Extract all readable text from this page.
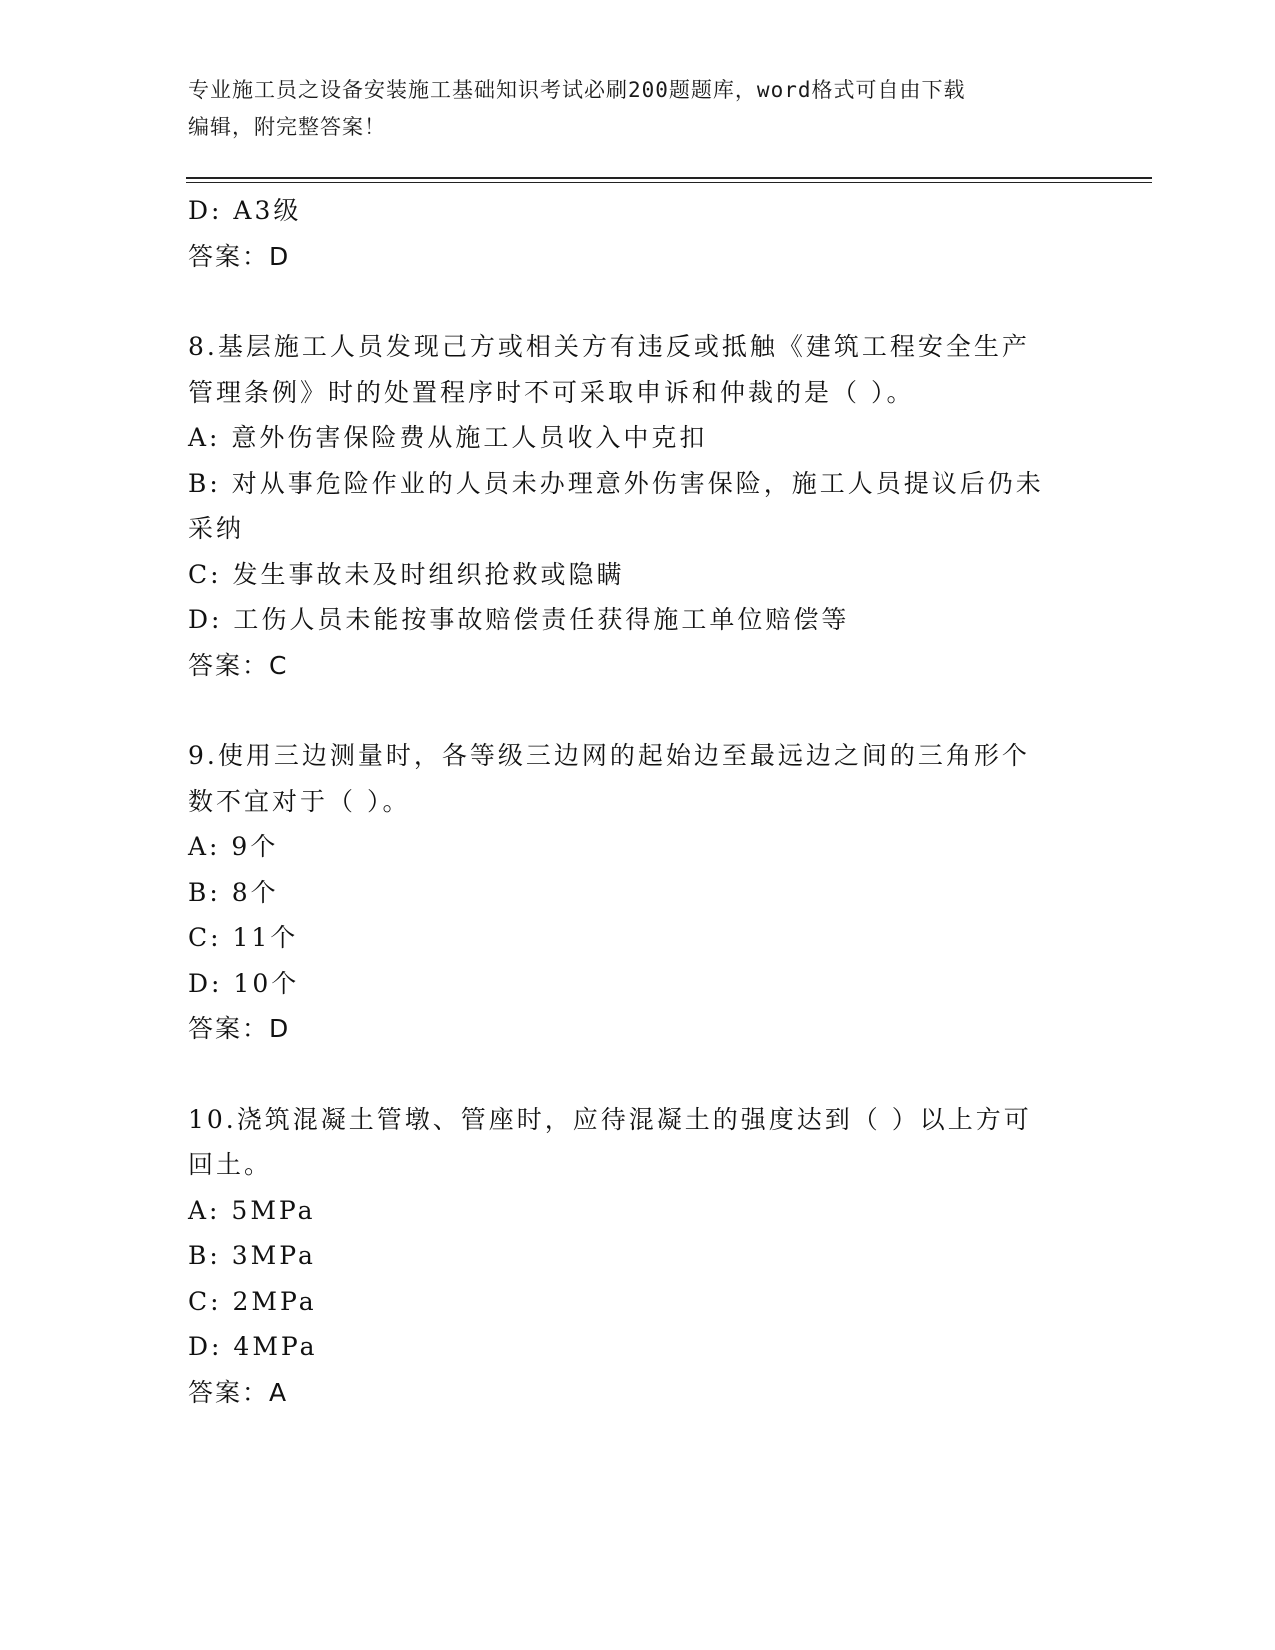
专业施工员之设备安装施工基础知识考试必刷200题题库，word格式可自由下载
编辑，附完整答案！

D: A3级

答案：D

8.基层施工人员发现己方或相关方有违反或抵触《建筑工程安全生产

管理条例》时的处置程序时不可采取申诉和仲裁的是（ ）。

A: 意外伤害保险费从施工人员收入中克扣

B: 对从事危险作业的人员未办理意外伤害保险，施工人员提议后仍未

采纳

C: 发生事故未及时组织抢救或隐瞒

D: 工伤人员未能按事故赔偿责任获得施工单位赔偿等

答案：C

9.使用三边测量时，各等级三边网的起始边至最远边之间的三角形个

数不宜对于（ ）。

A: 9个

B: 8个

C: 11个

D: 10个

答案：D

10.浇筑混凝土管墩、管座时，应待混凝土的强度达到（ ）以上方可

回土。

A: 5MPa

B: 3MPa

C: 2MPa

D: 4MPa

答案：A
